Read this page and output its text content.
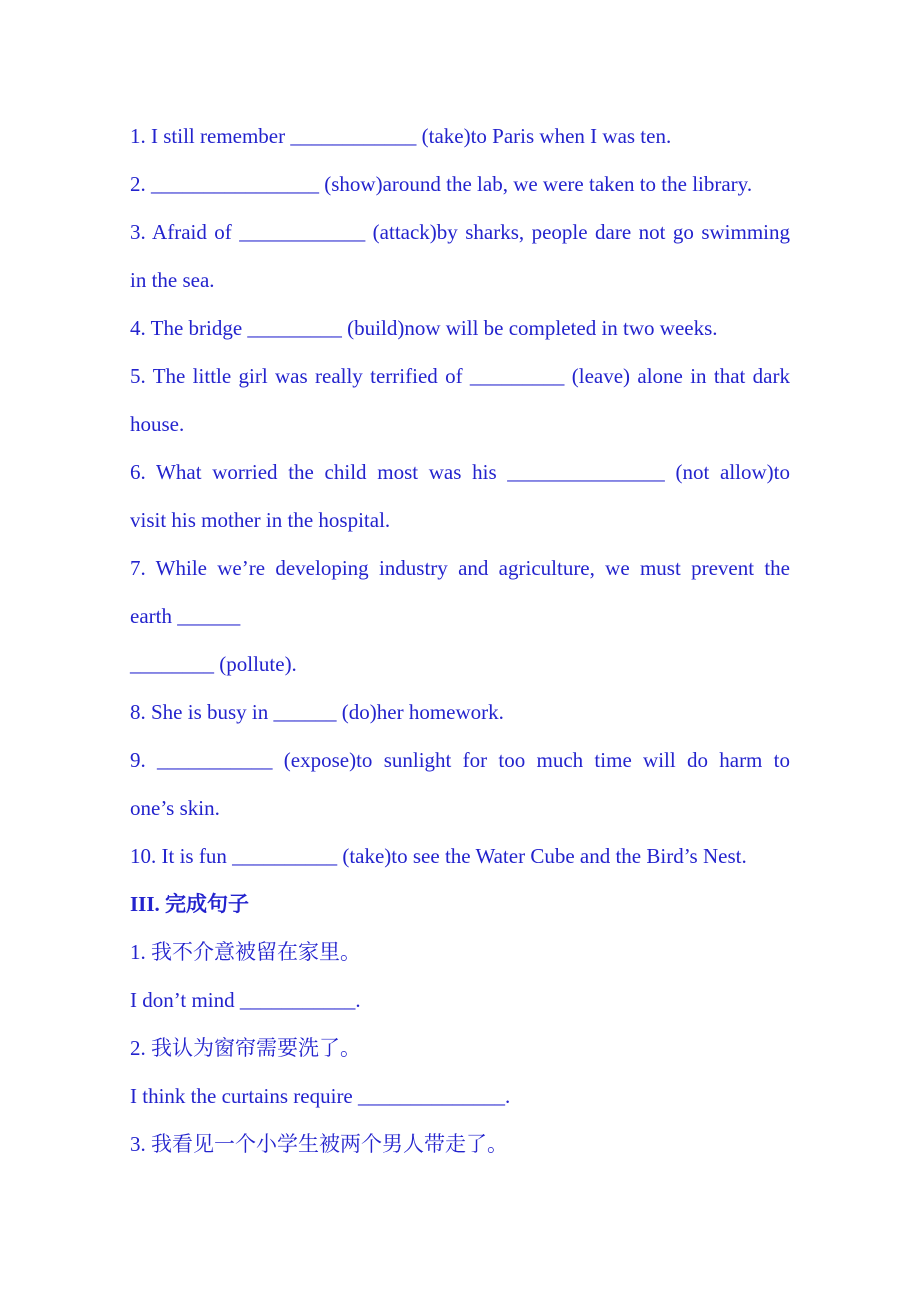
1. I still remember ____________ (take)to Paris when I was ten.
2. ________________ (show)around the lab, we were taken to the library.
3. Afraid of ____________ (attack)by sharks, people dare not go swimming
in the sea.
4. The bridge _________ (build)now will be completed in two weeks.
5. The little girl was really terrified of _________ (leave) alone in that dark
house.
6. What worried the child most was his _______________ (not allow)to
visit his mother in the hospital.
7. While we’re developing industry and agriculture, we must prevent the
earth ______
________ (pollute).
8. She is busy in ______ (do)her homework.
9. ___________ (expose)to sunlight for too much time will do harm to
one’s skin.
10. It is fun __________ (take)to see the Water Cube and the Bird’s Nest.
III. 完成句子
1. 我不介意被留在家里。
I don’t mind ___________.
2. 我认为窗帘需要洗了。
I think the curtains require ______________.
3. 我看见一个小学生被两个男人带走了。
